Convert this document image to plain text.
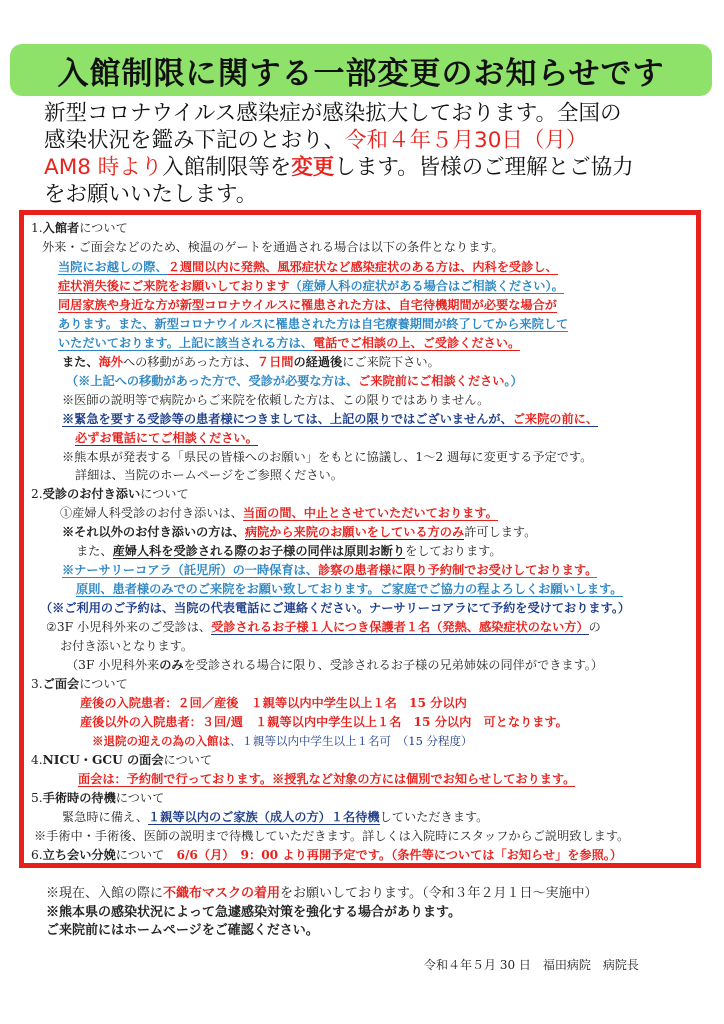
入館制限に関する一部変更のお知らせです
新型コロナウイルス感染症が感染拡大しております。全国の
感染状況を鑑み下記のとおり、令和４年５月30日（月）
AM8 時より入館制限等を変更します。皆様のご理解とご協力
をお願いいたします。
1.入館者について
外来・ご面会などのため、検温のゲートを通過される場合は以下の条件となります。
当院にお越しの際、２週間以内に発熱、風邪症状など感染症状のある方は、内科を受診し、
症状消失後にご来院をお願いしております（産婦人科の症状がある場合はご相談ください）。
同居家族や身近な方が新型コロナウイルスに罹患された方は、自宅待機期間が必要な場合が
あります。また、新型コロナウイルスに罹患された方は自宅療養期間が終了してから来院して
いただいております。上記に該当される方は、電話でご相談の上、ご受診ください。
また、海外への移動があった方は、７日間の経過後にご来院下さい。
（※上記への移動があった方で、受診が必要な方は、ご来院前にご相談ください。）
※医師の説明等で病院からご来院を依頼した方は、この限りではありません。
※緊急を要する受診等の患者様につきましては、上記の限りではございませんが、ご来院の前に、
必ずお電話にてご相談ください。
※熊本県が発表する「県民の皆様へのお願い」をもとに協議し、1〜2 週毎に変更する予定です。
詳細は、当院のホームページをご参照ください。
2.受診のお付き添いについて
①産婦人科受診のお付き添いは、当面の間、中止とさせていただいております。
※それ以外のお付き添いの方は、病院から来院のお願いをしている方のみ許可します。
また、産婦人科を受診される際のお子様の同伴は原則お断りをしております。
※ナーサリーコアラ（託児所）の一時保育は、診察の患者様に限り予約制でお受けしております。
原則、患者様のみでのご来院をお願い致しております。ご家庭でご協力の程よろしくお願いします。
（※ご利用のご予約は、当院の代表電話にご連絡ください。ナーサリーコアラにて予約を受けております。）
②3F 小児科外来のご受診は、受診されるお子様１人につき保護者１名（発熱、感染症状のない方）の
お付き添いとなります。
（3F 小児科外来のみを受診される場合に限り、受診されるお子様の兄弟姉妹の同伴ができます。）
3.ご面会について
産後の入院患者：２回／産後　１親等以内中学生以上１名　15 分以内
産後以外の入院患者：３回/週　１親等以内中学生以上１名　15 分以内　可となります。
※退院の迎えの為の入館は、１親等以内中学生以上１名可　（15 分程度）
4.NICU・GCU の面会について
面会は：予約制で行っております。※授乳など対象の方には個別でお知らせしております。
5.手術時の待機について
緊急時に備え、１親等以内のご家族（成人の方）１名待機していただきます。
※手術中・手術後、医師の説明まで待機していただきます。詳しくは入院時にスタッフからご説明致します。
6.立ち会い分娩について　 6/6（月）　9：00 より再開予定です。（条件等については「お知らせ」を参照。）
※現在、入館の際に不織布マスクの着用をお願いしております。（令和３年２月１日〜実施中）
※熊本県の感染状況によって急遽感染対策を強化する場合があります。
ご来院前にはホームページをご確認ください。
令和４年５月 30 日　福田病院　病院長
